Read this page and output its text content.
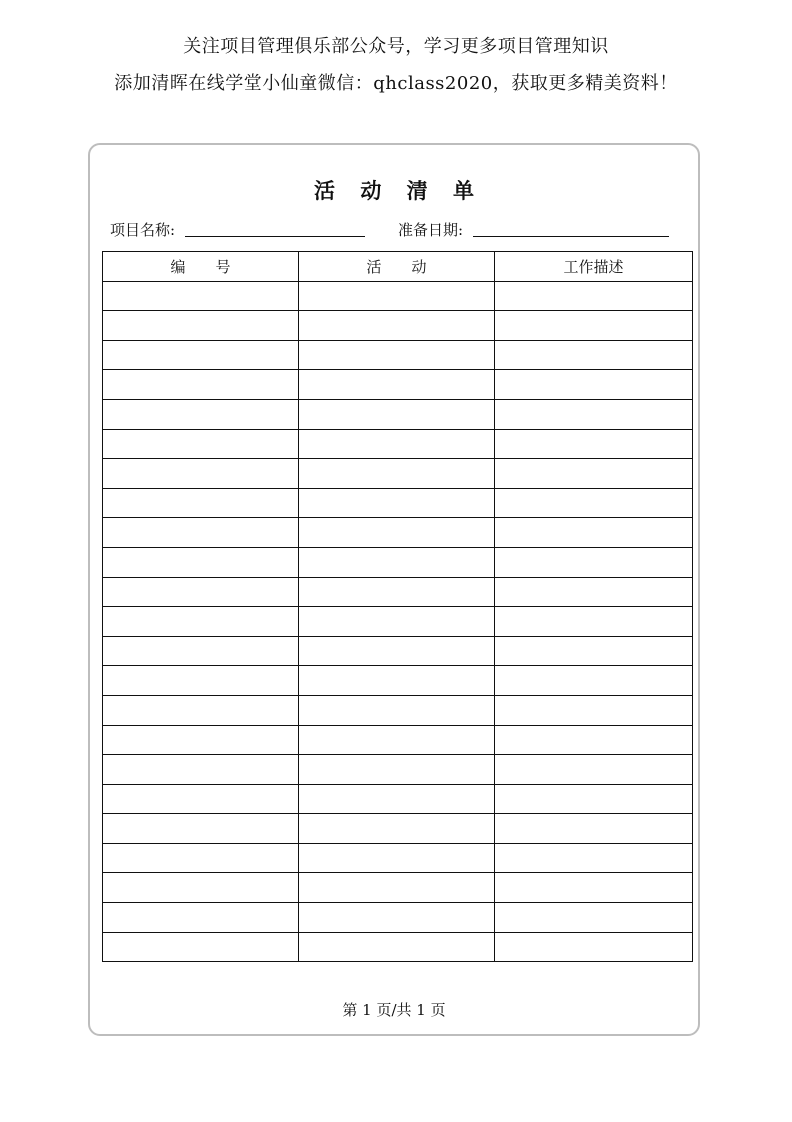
关注项目管理俱乐部公众号，学习更多项目管理知识
添加清晖在线学堂小仙童微信：qhclass2020，获取更多精美资料！
活 动 清 单
项目名称:	准备日期:
编号	活动	工作描述

第 1 页/共 1 页
